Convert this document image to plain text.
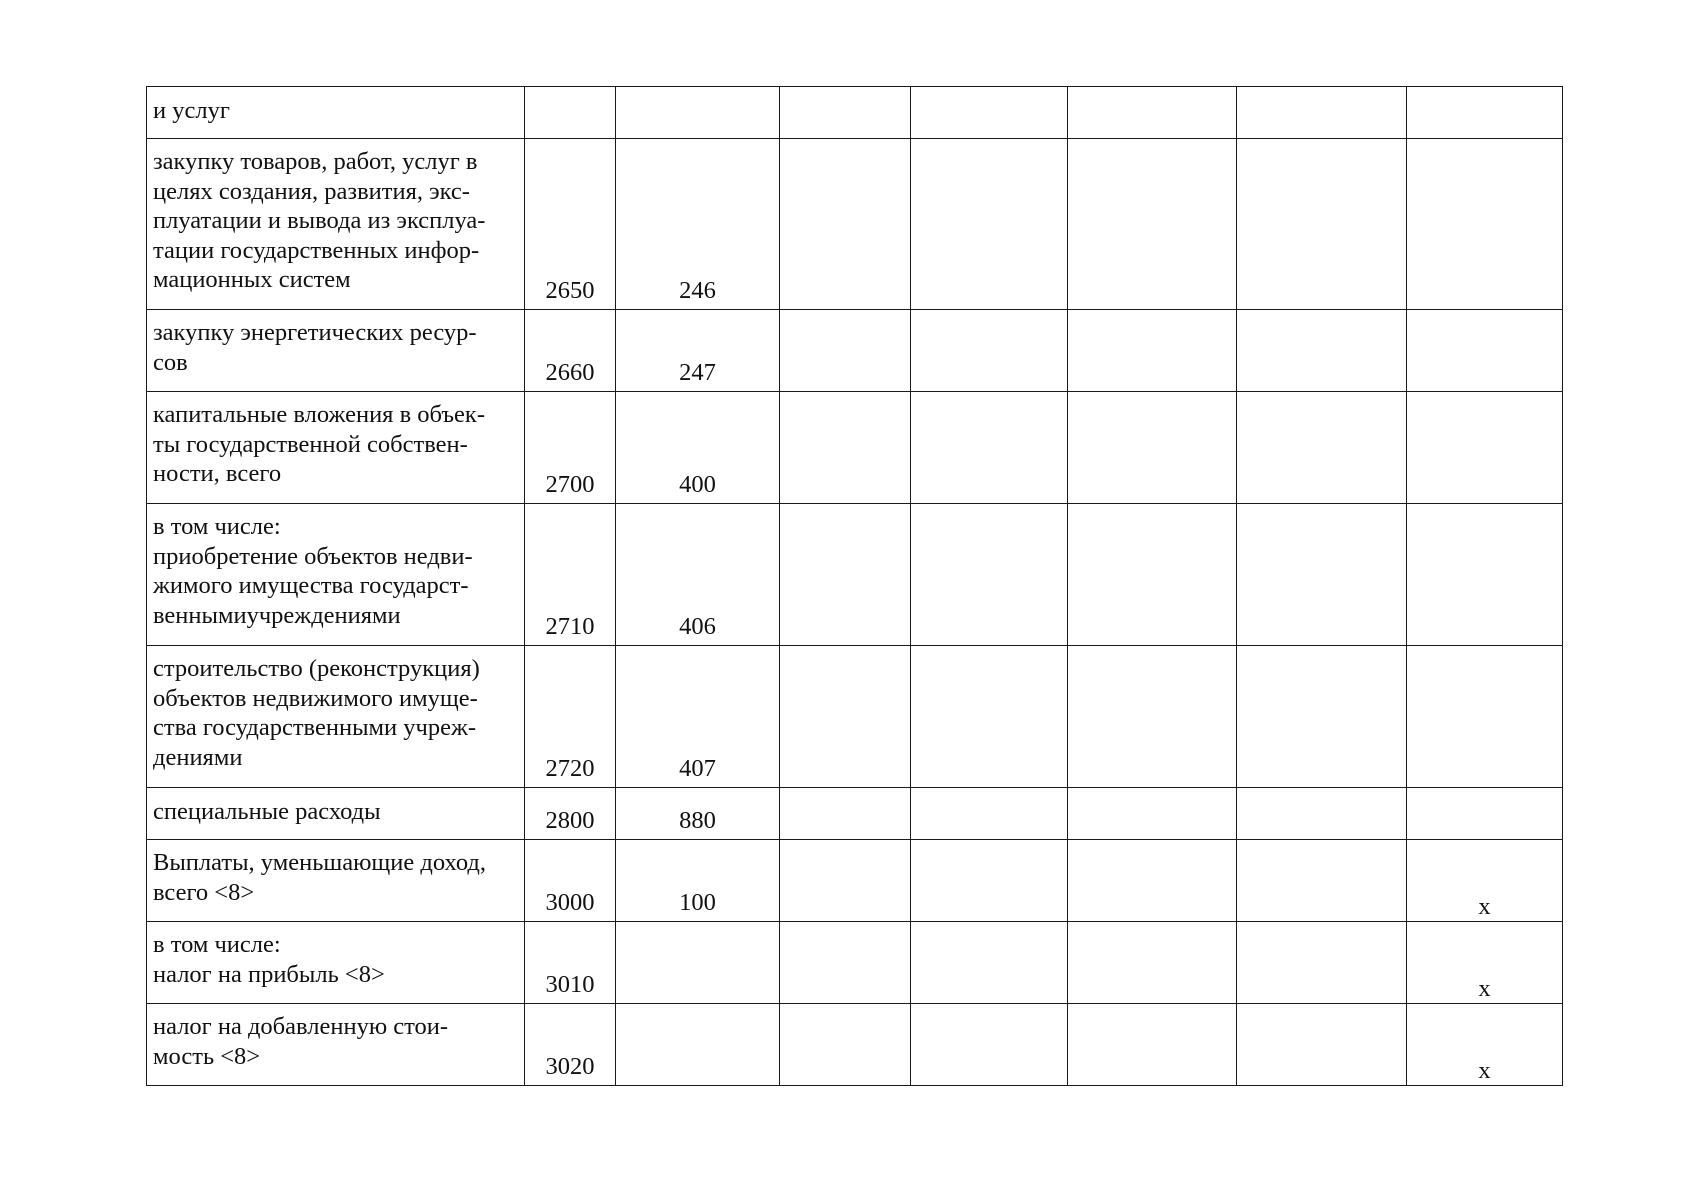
и услуг							
закупку товаров, работ, услуг в
целях создания, развития, экс-
плуатации и вывода из эксплуа-
тации государственных инфор-
мационных систем	2650	246					
закупку энергетических ресур-
сов	2660	247					
капитальные вложения в объек-
ты государственной собствен-
ности, всего	2700	400					
в том числе:
приобретение объектов недви-
жимого имущества государст-
веннымиучреждениями	2710	406					
строительство (реконструкция)
объектов недвижимого имуще-
ства государственными учреж-
дениями	2720	407					
специальные расходы	2800	880					
Выплаты, уменьшающие доход,
всего <8>	3000	100					х
в том числе:
налог на прибыль <8>	3010						х
налог на добавленную стои-
мость <8>	3020						х
